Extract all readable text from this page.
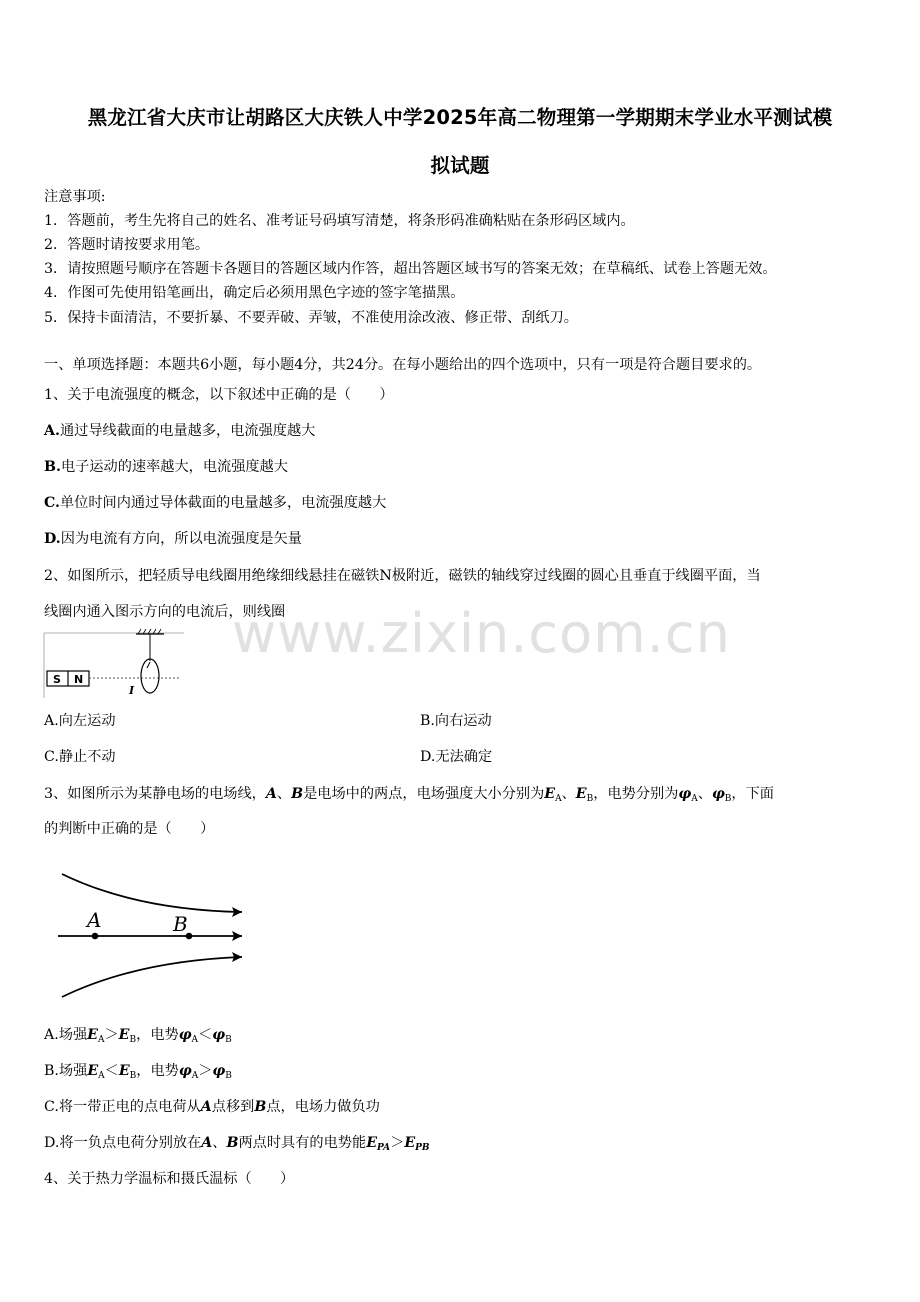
黑龙江省大庆市让胡路区大庆铁人中学2025年高二物理第一学期期末学业水平测试模
拟试题
注意事项:
1．答题前，考生先将自己的姓名、准考证号码填写清楚，将条形码准确粘贴在条形码区域内。
2．答题时请按要求用笔。
3．请按照题号顺序在答题卡各题目的答题区域内作答，超出答题区域书写的答案无效；在草稿纸、试卷上答题无效。
4．作图可先使用铅笔画出，确定后必须用黑色字迹的签字笔描黑。
5．保持卡面清洁，不要折暴、不要弄破、弄皱，不准使用涂改液、修正带、刮纸刀。
一、单项选择题：本题共6小题，每小题4分，共24分。在每小题给出的四个选项中，只有一项是符合题目要求的。
1、关于电流强度的概念，以下叙述中正确的是（　　）
A.通过导线截面的电量越多，电流强度越大
B.电子运动的速率越大，电流强度越大
C.单位时间内通过导体截面的电量越多，电流强度越大
D.因为电流有方向，所以电流强度是矢量
2、如图所示，把轻质导电线圈用绝缘细线悬挂在磁铁N极附近，磁铁的轴线穿过线圈的圆心且垂直于线圈平面，当
线圈内通入图示方向的电流后，则线圈
www.zixin.com.cn
S N
I
A.向左运动	B.向右运动
C.静止不动	D.无法确定
3、如图所示为某静电场的电场线，A、B是电场中的两点，电场强度大小分别为$E_A$、$E_B$，电势分别为$\varphi_A$、$\varphi_B$，下面
的判断中正确的是（　　）
A	B
A.场强$E_A>E_B$，电势$\varphi_A<\varphi_B$
B.场强$E_A<E_B$，电势$\varphi_A>\varphi_B$
C.将一带正电的点电荷从A点移到B点，电场力做负功
D.将一负点电荷分别放在A、B两点时具有的电势能$E_{PA}>E_{PB}$
4、关于热力学温标和摄氏温标（　　）
